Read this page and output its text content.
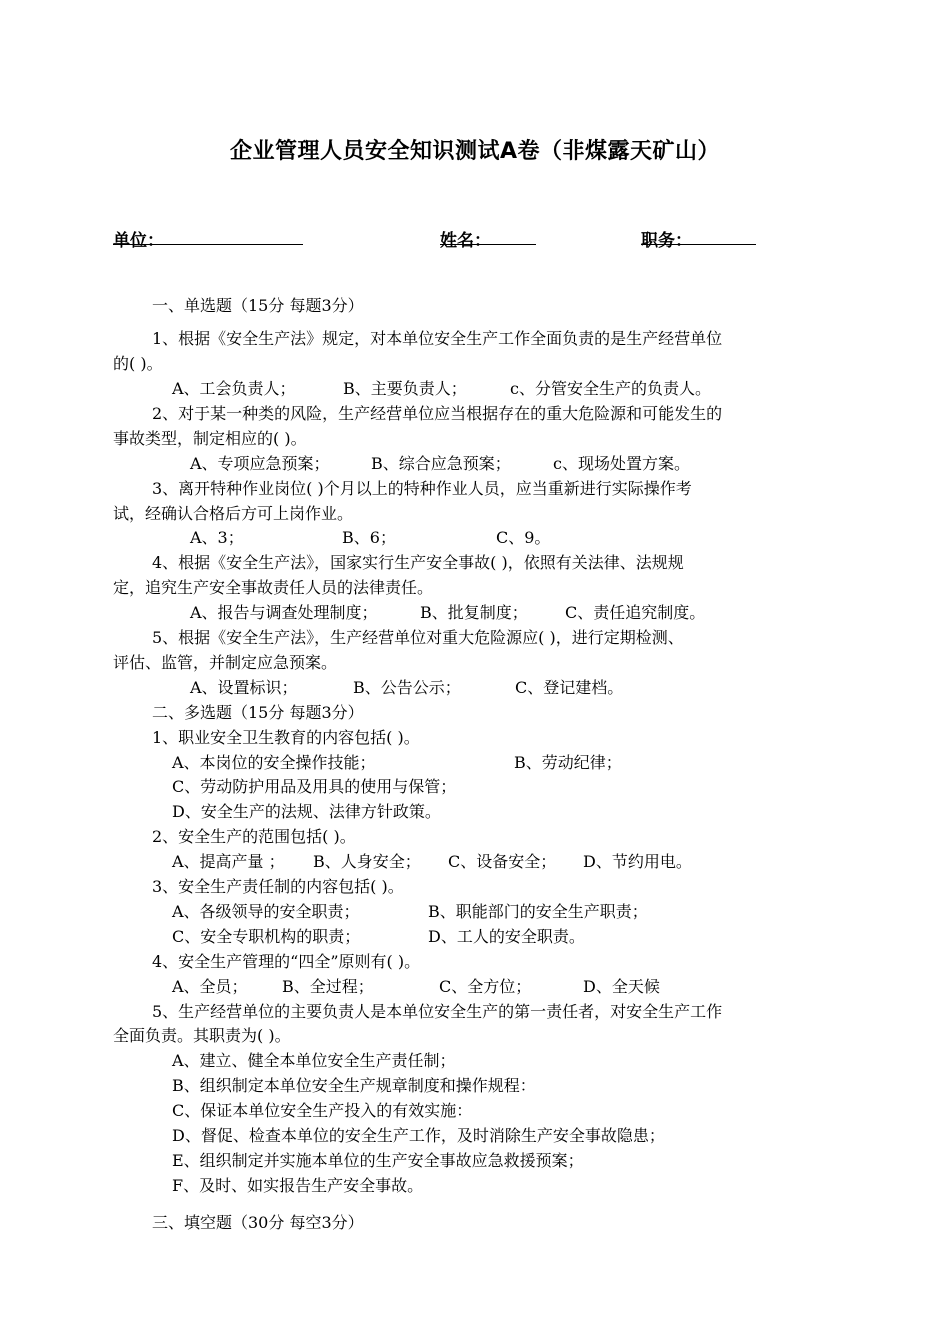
企业管理人员安全知识测试A卷（非煤露天矿山）
单位：	姓名：	职务：
一、单选题（15分 每题3分）
1、根据《安全生产法》规定，对本单位安全生产工作全面负责的是生产经营单位
的( )。
A、工会负责人；	B、主要负责人；	c、分管安全生产的负责人。
2、对于某一种类的风险，生产经营单位应当根据存在的重大危险源和可能发生的
事故类型，制定相应的( )。
A、专项应急预案；	B、综合应急预案；	c、现场处置方案。
3、离开特种作业岗位( )个月以上的特种作业人员，应当重新进行实际操作考
试，经确认合格后方可上岗作业。
A、3；	B、6；	C、9。
4、根据《安全生产法》，国家实行生产安全事故( )，依照有关法律、法规规
定，追究生产安全事故责任人员的法律责任。
A、报告与调查处理制度；	B、批复制度； C、责任追究制度。
5、根据《安全生产法》，生产经营单位对重大危险源应( )，进行定期检测、
评估、监管，并制定应急预案。
A、设置标识；	B、公告公示；	C、登记建档。
二、多选题（15分 每题3分）
1、职业安全卫生教育的内容包括( )。
A、本岗位的安全操作技能；	B、劳动纪律；
C、劳动防护用品及用具的使用与保管；
D、安全生产的法规、法律方针政策。
2、安全生产的范围包括( )。
A、提高产量 ； B、人身安全； C、设备安全； D、节约用电。
3、安全生产责任制的内容包括( )。
A、各级领导的安全职责；	B、职能部门的安全生产职责；
C、安全专职机构的职责；	D、工人的安全职责。
4、安全生产管理的“四全”原则有( )。
A、全员； B、全过程；	C、全方位；	D、全天候
5、生产经营单位的主要负责人是本单位安全生产的第一责任者，对安全生产工作
全面负责。其职责为( )。
A、建立、健全本单位安全生产责任制；
B、组织制定本单位安全生产规章制度和操作规程：
C、保证本单位安全生产投入的有效实施：
D、督促、检查本单位的安全生产工作，及时消除生产安全事故隐患；
E、组织制定并实施本单位的生产安全事故应急救援预案；
F、及时、如实报告生产安全事故。
三、填空题（30分 每空3分）
